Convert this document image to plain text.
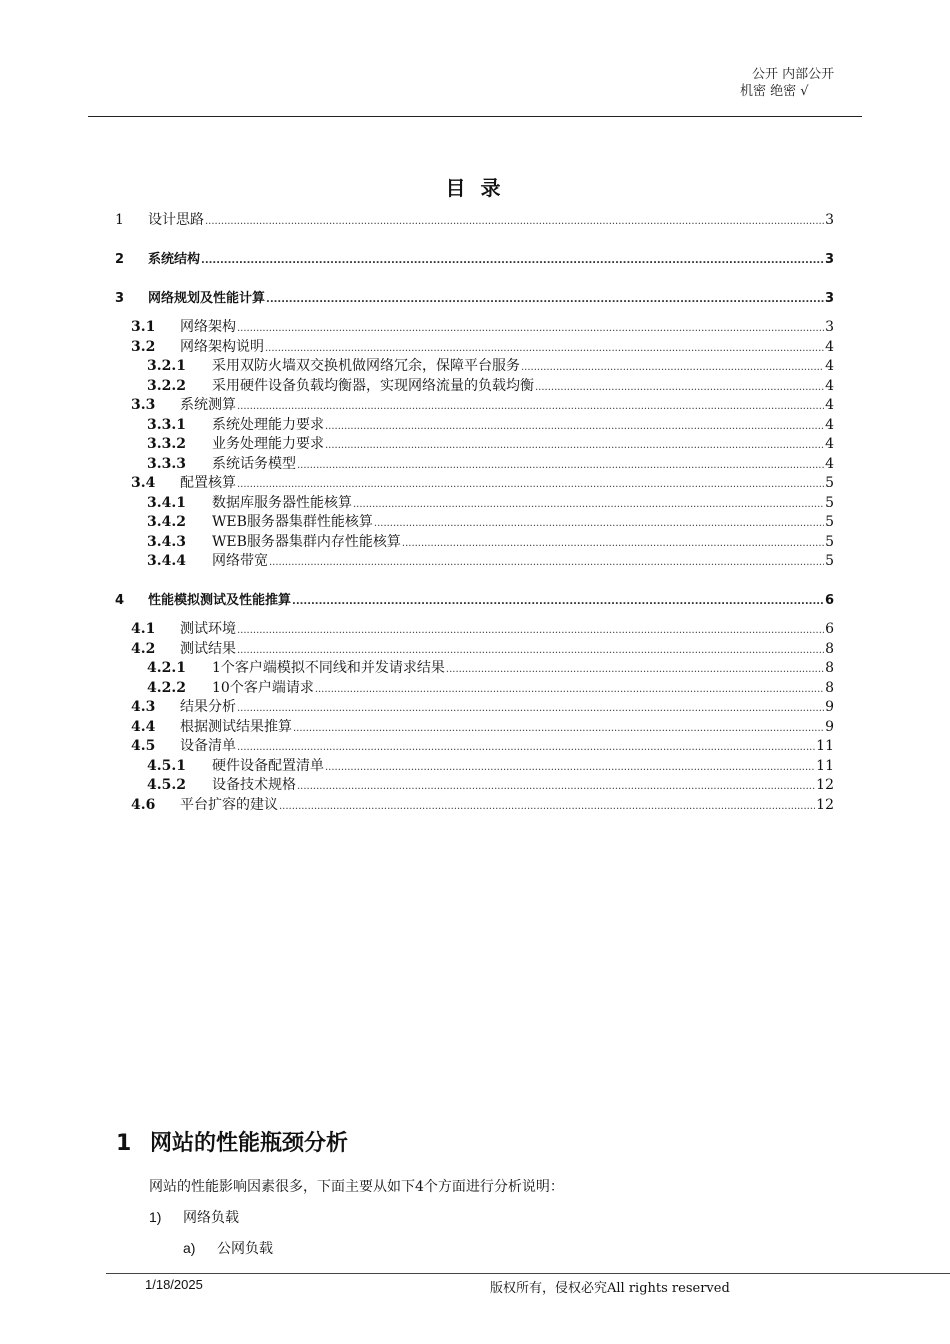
公开 内部公开
机密 绝密 √
目 录
1 设计思路 .....	3
2 系统结构 .....	3
3 网络规划及性能计算 .....	3
3.1 网络架构 .....	3
3.2 网络架构说明 .....	4
3.2.1 采用双防火墙双交换机做网络冗余，保障平台服务 .....	4
3.2.2 采用硬件设备负载均衡器，实现网络流量的负载均衡 .....	4
3.3 系统测算 .....	4
3.3.1 系统处理能力要求 .....	4
3.3.2 业务处理能力要求 .....	4
3.3.3 系统话务模型 .....	4
3.4 配置核算 .....	5
3.4.1 数据库服务器性能核算 .....	5
3.4.2 WEB服务器集群性能核算 .....	5
3.4.3 WEB服务器集群内存性能核算 .....	5
3.4.4 网络带宽 .....	5
4 性能模拟测试及性能推算 .....	6
4.1 测试环境 .....	6
4.2 测试结果 .....	8
4.2.1 1个客户端模拟不同线和并发请求结果 .....	8
4.2.2 10个客户端请求 .....	8
4.3 结果分析 .....	9
4.4 根据测试结果推算 .....	9
4.5 设备清单 .....	11
4.5.1 硬件设备配置清单 .....	11
4.5.2 设备技术规格 .....	12
4.6 平台扩容的建议 .....	12
1 网站的性能瓶颈分析
网站的性能影响因素很多，下面主要从如下4个方面进行分析说明：
1) 网络负载
a) 公网负载
1/18/2025	版权所有，侵权必究All rights reserved
